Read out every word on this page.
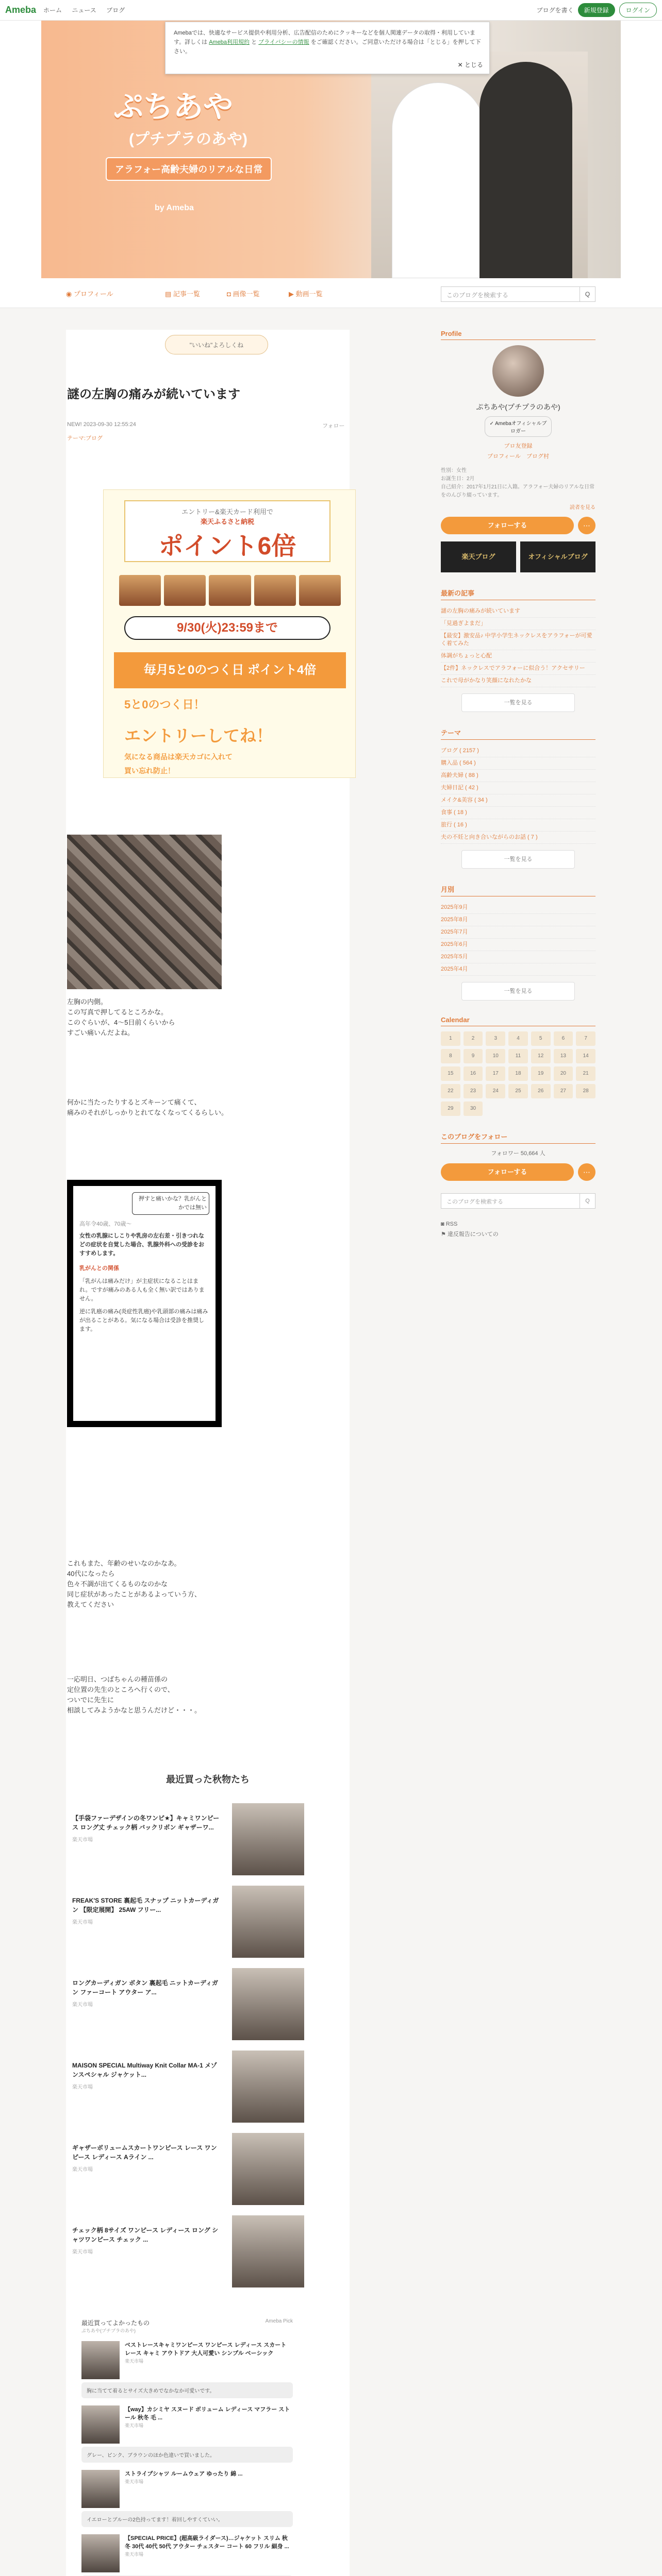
Ameba ホーム ニュース ブログ	ブログを書く	新規登録	ログイン
ぷちあや
(プチプラのあや)
アラフォー高齢夫婦のリアルな日常
by Ameba
Amebaでは、快適なサービス提供や利用分析、広告配信のためにクッキーなどを個人関連データの取得・利用しています。詳しくは Ameba利用規約 と プライバシーの情報 をご確認ください。ご同意いただける場合は「とじる」を押して下さい。
✕ とじる
◉ プロフィール	▤ 記事一覧	◘ 画像一覧	▶ 動画一覧	このブログを検索する	Q
"いいね"よろしくね
謎の左胸の痛みが続いています
NEW! 2023-09-30 12:55:24
テーマ:ブログ
フォロー
エントリー&楽天カード利用で
楽天ふるさと納税
ポイント6倍
9/30(火)23:59まで
毎月5と0のつく日 ポイント4倍
5と0のつく日！
エントリーしてね！
気になる商品は楽天カゴに入れて
買い忘れ防止！
左胸の内側。
この写真で押してるところかな。
このぐらいが、4〜5日前くらいから
すごい痛いんだよね。
何かに当たったりするとズキーンて痛くて、
痛みのそれがしっかりとれてなくなってくるらしい。
押すと痛いかな？乳がんとかでは無い
高年令40歳、70歳〜
女性の乳腺にしこりや乳房の左右差・引きつれなどの症状を自覚した場合、乳腺外科への受診をおすすめします。
乳がんとの関係
「乳がんは痛みだけ」が主症状になることはまれ。ですが痛みのある人も全く無い訳ではありません。
逆に乳癌の痛み(炎症性乳癌)や乳頭部の痛みは痛みが出ることがある。気になる場合は受診を推奨します。
これもまた、年齢のせいなのかなあ。
40代になったら
色々不調が出てくるものなのかな
同じ症状があったことがあるよっていう方、
教えてください
一応明日、つばちゃんの種苗係の
定位置の先生のところへ行くので、
ついでに先生に
相談してみようかなと思うんだけど・・・。
最近買った秋物たち
【手袋ファーデザインの冬ワンピ★】キャミワンピース ロング丈 チェック柄 バックリボン ギャザーワ...
楽天市場
FREAK'S STORE 裏起毛 スナップ ニットカーディガン 【限定展開】 25AW フリー...
楽天市場
ロングカーディガン ボタン 裏起毛 ニットカーディガン ファーコート アウター ア...
楽天市場
MAISON SPECIAL Multiway Knit Collar MA-1 メゾンスペシャル ジャケット...
楽天市場
ギャザーボリュームスカートワンピース レース ワンピース レディース Aライン ...
楽天市場
チェック柄 8サイズ ワンピース レディース ロング シャツワンピース チェック ...
楽天市場
最近買ってよかったもの	Ameba Pick
ぷちあや(プチプラのあや)
ベストレースキャミワンピース ワンピース レディース スカート レース キャミ アウトドア 大人可愛い シンプル ベーシック
楽天市場
胸に当てて着るとサイズ大きめでなかなか可愛いです。
【way】カシミヤ スヌード ボリューム レディース マフラー ストール 秋冬 毛 ...
楽天市場
グレー、ピンク、ブラウンのほか色違いで買いました。
ストライプシャツ ルームウェア ゆったり 綿 ...
楽天市場
イエローとブルーの2色持ってます！着回しやすくていい。
【SPECIAL PRICE】(超高級ライダース)…ジャケット スリム 秋冬 30代 40代 50代 アウター チェスター コート 60 フリル 細身 ...
楽天市場
Profile
ぷちあや(プチプラのあや)
✓ Amebaオフィシャルブロガー
ブロ友登録
プロフィール　 ブログ村
性別：女性
お誕生日：2月
自己紹介：2017年1月21日に入籍。アラフォー夫婦のリアルな日常をのんびり綴っています。
読者を見る
フォローする	⋯
楽天ブログ	オフィシャルブログ
最新の記事
謎の左胸の痛みが続いています
「見過ぎよまだ」
【最安】激安品♪ 中学小学生ネックレスをアラフォーが可愛く着てみた
体調がちょっと心配
【2件】ネックレスでアラフォーに似合う！アクセサリー
これで母がかなり笑顔になれたかな
一覧を見る
テーマ
ブログ ( 2157 )
購入品 ( 564 )
高齢夫婦 ( 88 )
夫婦日記 ( 42 )
メイク&美容 ( 34 )
食事 ( 18 )
旅行 ( 16 )
夫の不妊と向き合いながらのお話 ( 7 )
一覧を見る
月別
2025年9月
2025年8月
2025年7月
2025年6月
2025年5月
2025年4月
一覧を見る
Calendar
1	2	3	4	5	6	7
8	9	10	11	12	13	14
15	16	17	18	19	20	21
22	23	24	25	26	27	28
29	30
このブログをフォロー
フォロワー 50,664 人
フォローする	⋯
このブログを検索する	Q
◙ RSS
⚑ 違反報告についての
